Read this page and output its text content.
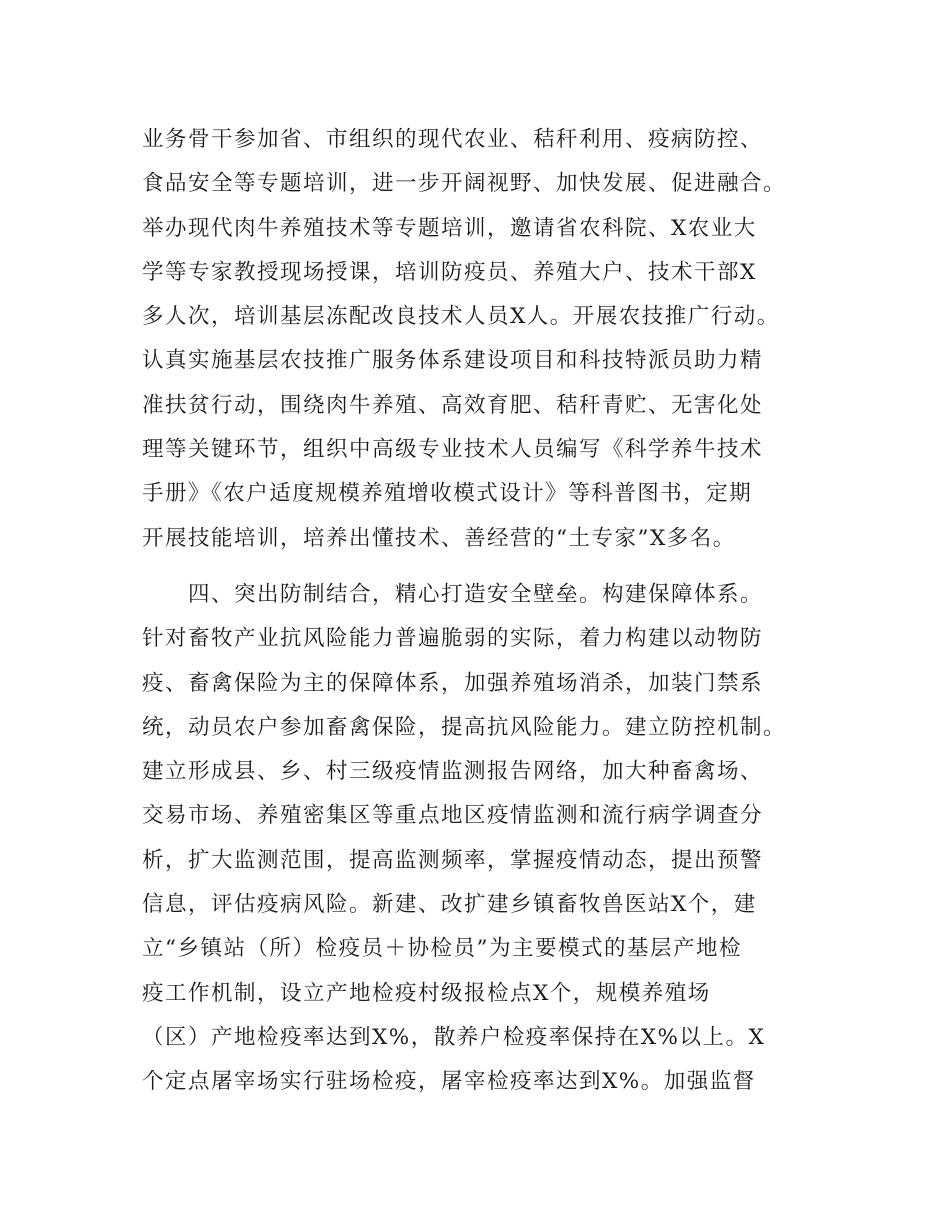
业务骨干参加省、市组织的现代农业、秸秆利用、疫病防控、
食品安全等专题培训，进一步开阔视野、加快发展、促进融合。
举办现代肉牛养殖技术等专题培训，邀请省农科院、X农业大
学等专家教授现场授课，培训防疫员、养殖大户、技术干部X
多人次，培训基层冻配改良技术人员X人。开展农技推广行动。
认真实施基层农技推广服务体系建设项目和科技特派员助力精
准扶贫行动，围绕肉牛养殖、高效育肥、秸秆青贮、无害化处
理等关键环节，组织中高级专业技术人员编写《科学养牛技术
手册》《农户适度规模养殖增收模式设计》等科普图书，定期
开展技能培训，培养出懂技术、善经营的“土专家”X多名。
　　四、突出防制结合，精心打造安全壁垒。构建保障体系。
针对畜牧产业抗风险能力普遍脆弱的实际，着力构建以动物防
疫、畜禽保险为主的保障体系，加强养殖场消杀，加装门禁系
统，动员农户参加畜禽保险，提高抗风险能力。建立防控机制。
建立形成县、乡、村三级疫情监测报告网络，加大种畜禽场、
交易市场、养殖密集区等重点地区疫情监测和流行病学调查分
析，扩大监测范围，提高监测频率，掌握疫情动态，提出预警
信息，评估疫病风险。新建、改扩建乡镇畜牧兽医站X个，建
立“乡镇站（所）检疫员＋协检员”为主要模式的基层产地检
疫工作机制，设立产地检疫村级报检点X个，规模养殖场
（区）产地检疫率达到X%，散养户检疫率保持在X%以上。X
个定点屠宰场实行驻场检疫，屠宰检疫率达到X%。加强监督
